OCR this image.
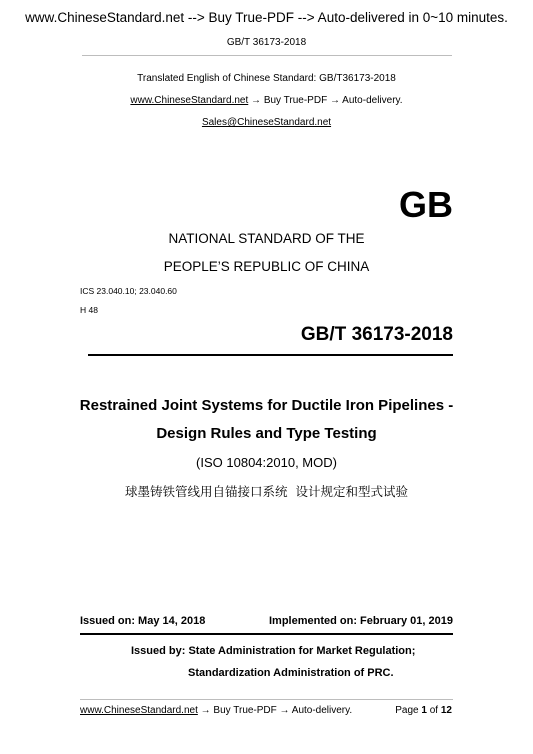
www.ChineseStandard.net --> Buy True-PDF --> Auto-delivered in 0~10 minutes.
GB/T 36173-2018
Translated English of Chinese Standard: GB/T36173-2018
www.ChineseStandard.net → Buy True-PDF → Auto-delivery.
Sales@ChineseStandard.net
GB
NATIONAL STANDARD OF THE
PEOPLE’S REPUBLIC OF CHINA
ICS 23.040.10; 23.040.60
H 48
GB/T 36173-2018
Restrained Joint Systems for Ductile Iron Pipelines -
Design Rules and Type Testing
(ISO 10804:2010, MOD)
球墨铸铁管线用自锚接口系统  设计规定和型式试验
Issued on: May 14, 2018	Implemented on: February 01, 2019
Issued by: State Administration for Market Regulation;
Standardization Administration of PRC.
www.ChineseStandard.net → Buy True-PDF → Auto-delivery.	Page 1 of 12
